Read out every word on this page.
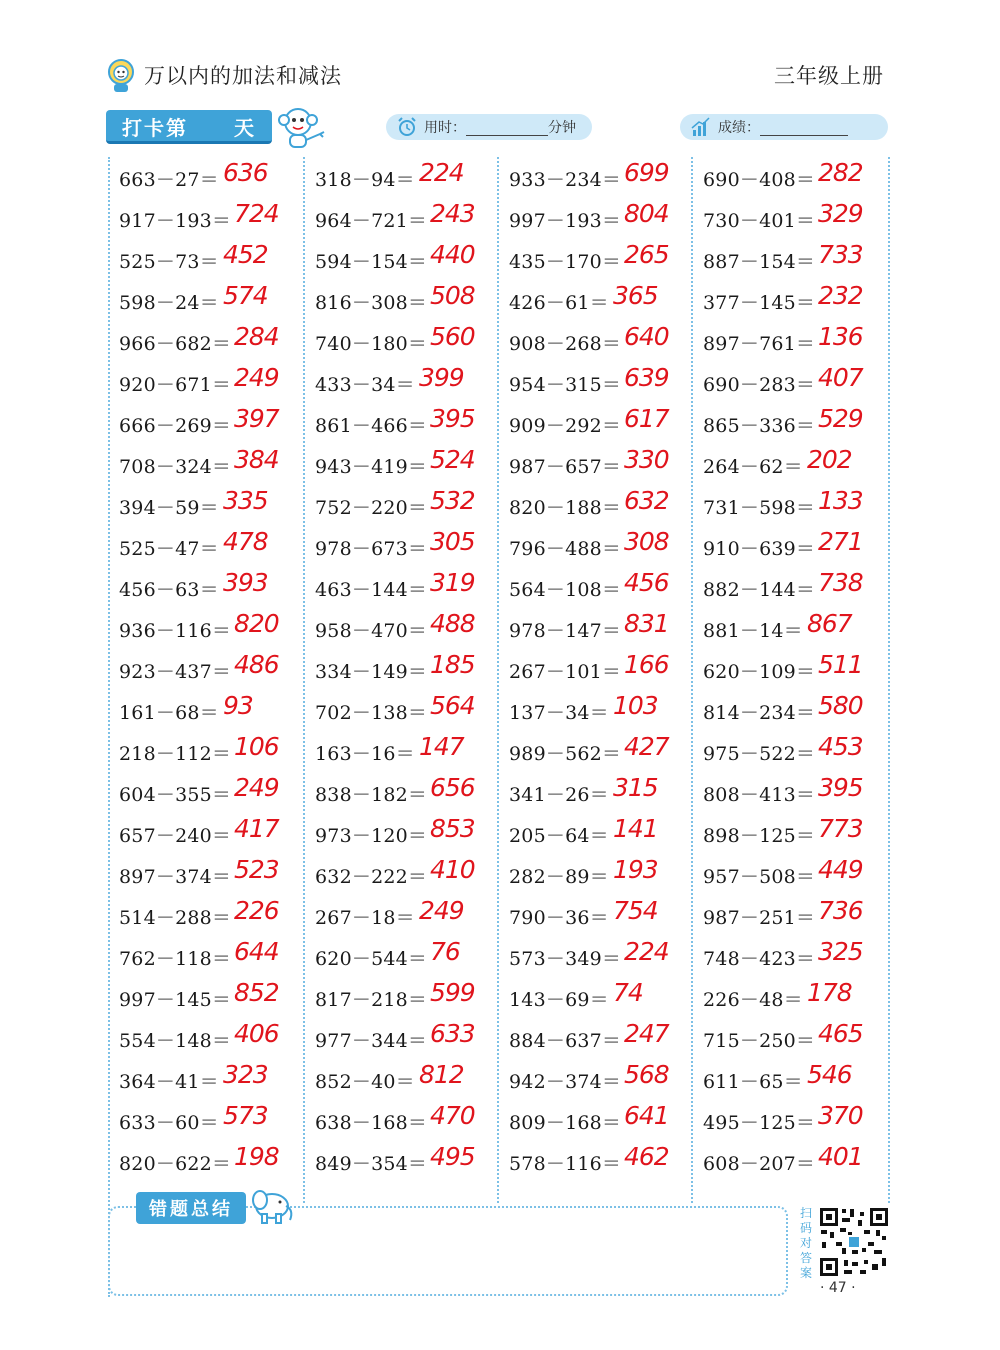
万以内的加法和减法	三年级上册
打卡第 天	用时：	分钟	成绩：
663－27＝ 636
917－193＝ 724
525－73＝ 452
598－24＝ 574
966－682＝ 284
920－671＝ 249
666－269＝ 397
708－324＝ 384
394－59＝ 335
525－47＝ 478
456－63＝ 393
936－116＝ 820
923－437＝ 486
161－68＝ 93
218－112＝ 106
604－355＝ 249
657－240＝ 417
897－374＝ 523
514－288＝ 226
762－118＝ 644
997－145＝ 852
554－148＝ 406
364－41＝ 323
633－60＝ 573
820－622＝ 198
318－94＝ 224
964－721＝ 243
594－154＝ 440
816－308＝ 508
740－180＝ 560
433－34＝ 399
861－466＝ 395
943－419＝ 524
752－220＝ 532
978－673＝ 305
463－144＝ 319
958－470＝ 488
334－149＝ 185
702－138＝ 564
163－16＝ 147
838－182＝ 656
973－120＝ 853
632－222＝ 410
267－18＝ 249
620－544＝ 76
817－218＝ 599
977－344＝ 633
852－40＝ 812
638－168＝ 470
849－354＝ 495
933－234＝ 699
997－193＝ 804
435－170＝ 265
426－61＝ 365
908－268＝ 640
954－315＝ 639
909－292＝ 617
987－657＝ 330
820－188＝ 632
796－488＝ 308
564－108＝ 456
978－147＝ 831
267－101＝ 166
137－34＝ 103
989－562＝ 427
341－26＝ 315
205－64＝ 141
282－89＝ 193
790－36＝ 754
573－349＝ 224
143－69＝ 74
884－637＝ 247
942－374＝ 568
809－168＝ 641
578－116＝ 462
690－408＝ 282
730－401＝ 329
887－154＝ 733
377－145＝ 232
897－761＝ 136
690－283＝ 407
865－336＝ 529
264－62＝ 202
731－598＝ 133
910－639＝ 271
882－144＝ 738
881－14＝ 867
620－109＝ 511
814－234＝ 580
975－522＝ 453
808－413＝ 395
898－125＝ 773
957－508＝ 449
987－251＝ 736
748－423＝ 325
226－48＝ 178
715－250＝ 465
611－65＝ 546
495－125＝ 370
608－207＝ 401
错题总结	扫码对答案
· 47 ·
